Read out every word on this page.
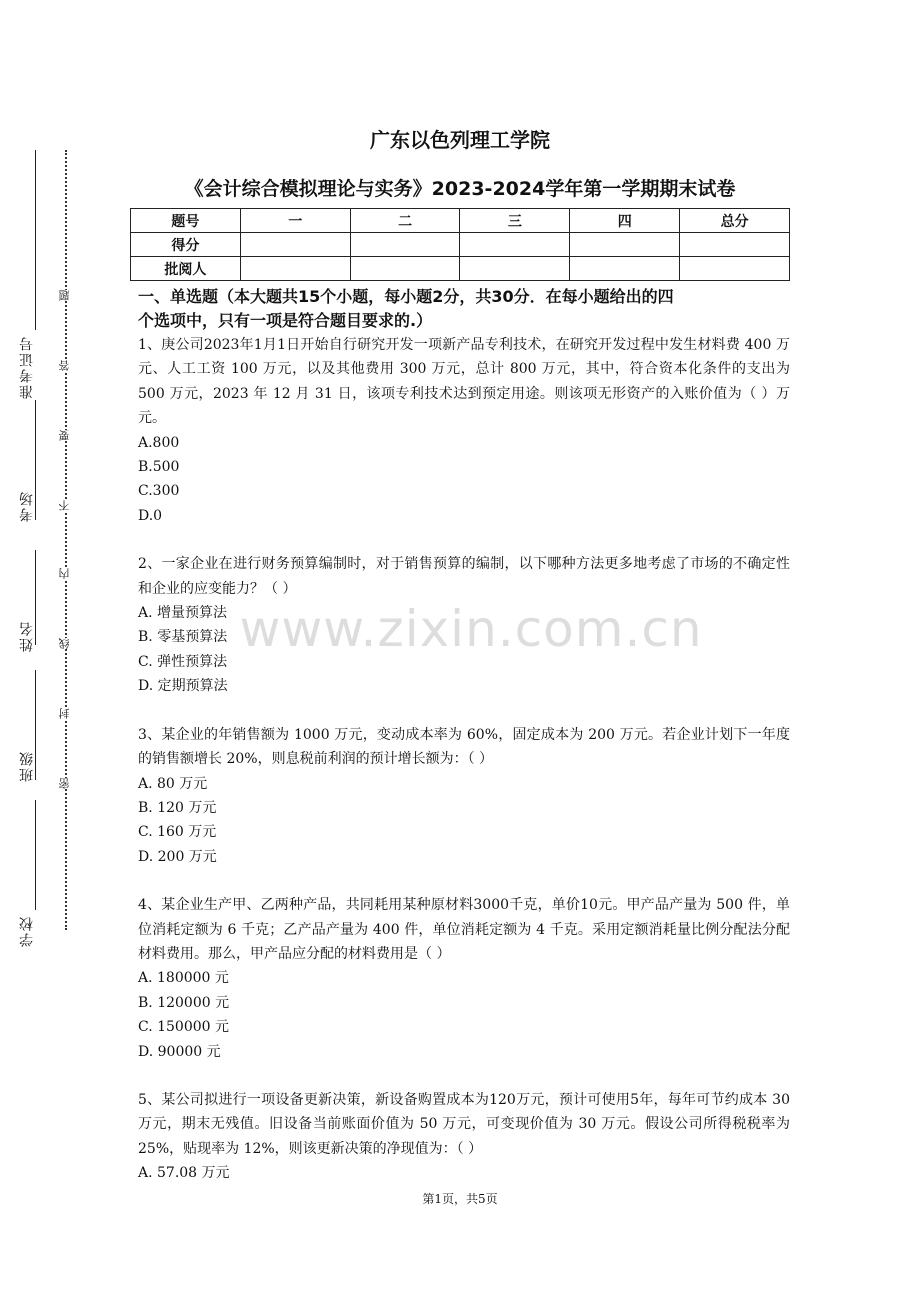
准考证号
考场
姓名
班级
学校
题
答
要
不
内
线
封
密
广东以色列理工学院
《会计综合模拟理论与实务》2023-2024学年第一学期期末试卷
题号	一	二	三	四	总分
得分					
批阅人					

一、单选题（本大题共15个小题，每小题2分，共30分．在每小题给出的四

个选项中，只有一项是符合题目要求的.）

1、庚公司2023年1月1日开始自行研究开发一项新产品专利技术，在研究开发过程中发生材料费 400 万元、人工工资 100 万元，以及其他费用 300 万元，总计 800 万元，其中，符合资本化条件的支出为 500 万元，2023 年 12 月 31 日，该项专利技术达到预定用途。则该项无形资产的入账价值为（ ）万元。

A.800

B.500

C.300

D.0

2、一家企业在进行财务预算编制时，对于销售预算的编制，以下哪种方法更多地考虑了市场的不确定性和企业的应变能力？（ ）

A. 增量预算法

B. 零基预算法

C. 弹性预算法

D. 定期预算法

3、某企业的年销售额为 1000 万元，变动成本率为 60%，固定成本为 200 万元。若企业计划下一年度的销售额增长 20%，则息税前利润的预计增长额为：（ ）

A. 80 万元

B. 120 万元

C. 160 万元

D. 200 万元

4、某企业生产甲、乙两种产品，共同耗用某种原材料3000千克，单价10元。甲产品产量为 500 件，单位消耗定额为 6 千克；乙产品产量为 400 件，单位消耗定额为 4 千克。采用定额消耗量比例分配法分配材料费用。那么，甲产品应分配的材料费用是（ ）

A. 180000 元

B. 120000 元

C. 150000 元

D. 90000 元

5、某公司拟进行一项设备更新决策，新设备购置成本为120万元，预计可使用5年，每年可节约成本 30 万元，期末无残值。旧设备当前账面价值为 50 万元，可变现价值为 30 万元。假设公司所得税税率为 25%，贴现率为 12%，则该更新决策的净现值为：（ ）

A. 57.08 万元

www.zixin.com.cn
第1页，共5页
